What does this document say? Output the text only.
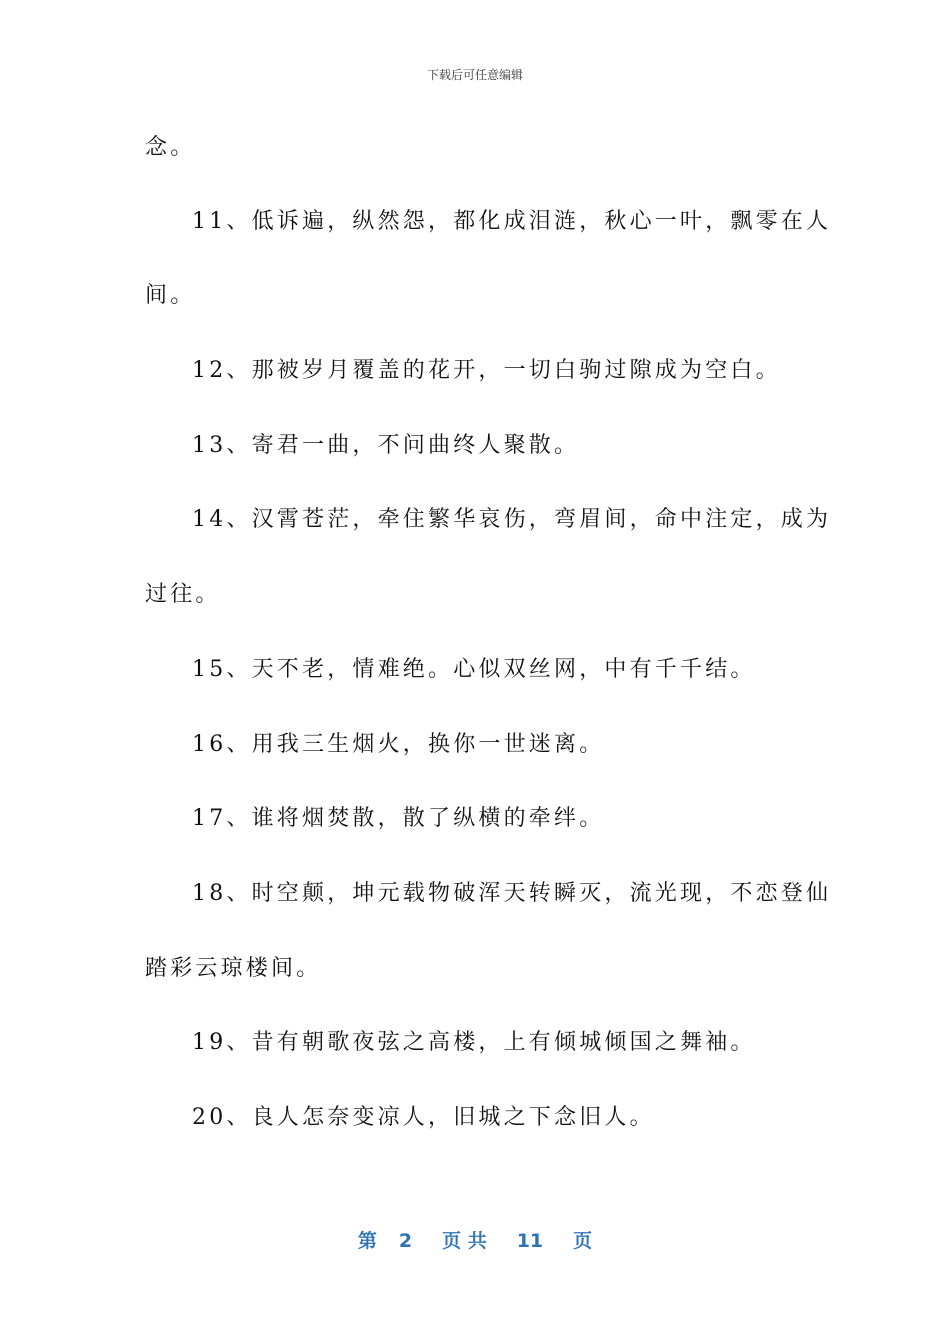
下载后可任意编辑
念。
11、低诉遍，纵然怨，都化成泪涟，秋心一叶，飘零在人
间。
12、那被岁月覆盖的花开，一切白驹过隙成为空白。
13、寄君一曲，不问曲终人聚散。
14、汉霄苍茫，牵住繁华哀伤，弯眉间，命中注定，成为
过往。
15、天不老，情难绝。心似双丝网，中有千千结。
16、用我三生烟火，换你一世迷离。
17、谁将烟焚散，散了纵横的牵绊。
18、时空颠，坤元载物破浑天转瞬灭，流光现，不恋登仙
踏彩云琼楼间。
19、昔有朝歌夜弦之高楼，上有倾城倾国之舞袖。
20、良人怎奈变凉人，旧城之下念旧人。
第 2 页 共 11 页
